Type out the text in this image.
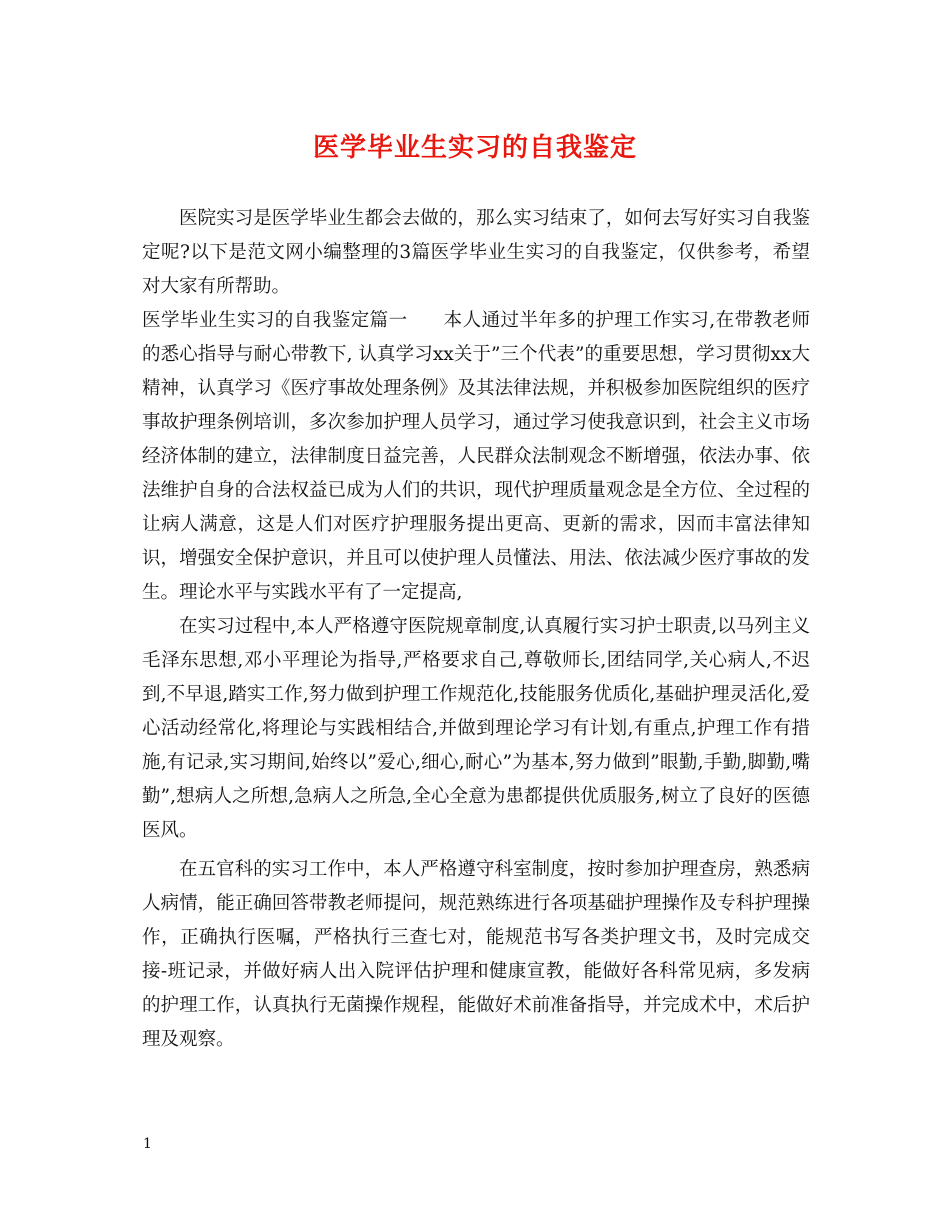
医学毕业生实习的自我鉴定

医院实习是医学毕业生都会去做的，那么实习结束了，如何去写好实习自我鉴定呢?以下是范文网小编整理的3篇医学毕业生实习的自我鉴定，仅供参考，希望对大家有所帮助。

医学毕业生实习的自我鉴定篇一 本人通过半年多的护理工作实习,在带教老师的悉心指导与耐心带教下, 认真学习xx关于”三个代表”的重要思想，学习贯彻xx大精神，认真学习《医疗事故处理条例》及其法律法规，并积极参加医院组织的医疗事故护理条例培训，多次参加护理人员学习，通过学习使我意识到，社会主义市场经济体制的建立，法律制度日益完善，人民群众法制观念不断增强，依法办事、依法维护自身的合法权益已成为人们的共识，现代护理质量观念是全方位、全过程的让病人满意，这是人们对医疗护理服务提出更高、更新的需求，因而丰富法律知识，增强安全保护意识，并且可以使护理人员懂法、用法、依法减少医疗事故的发生。理论水平与实践水平有了一定提高,

在实习过程中,本人严格遵守医院规章制度,认真履行实习护士职责,以马列主义毛泽东思想,邓小平理论为指导,严格要求自己,尊敬师长,团结同学,关心病人,不迟到,不早退,踏实工作,努力做到护理工作规范化,技能服务优质化,基础护理灵活化,爱心活动经常化,将理论与实践相结合,并做到理论学习有计划,有重点,护理工作有措施,有记录,实习期间,始终以”爱心,细心,耐心”为基本,努力做到”眼勤,手勤,脚勤,嘴勤”,想病人之所想,急病人之所急,全心全意为患都提供优质服务,树立了良好的医德医风。

在五官科的实习工作中，本人严格遵守科室制度，按时参加护理查房，熟悉病人病情，能正确回答带教老师提问，规范熟练进行各项基础护理操作及专科护理操作，正确执行医嘱，严格执行三查七对，能规范书写各类护理文书，及时完成交接-班记录，并做好病人出入院评估护理和健康宣教，能做好各科常见病，多发病的护理工作，认真执行无菌操作规程，能做好术前准备指导，并完成术中，术后护理及观察。

1
